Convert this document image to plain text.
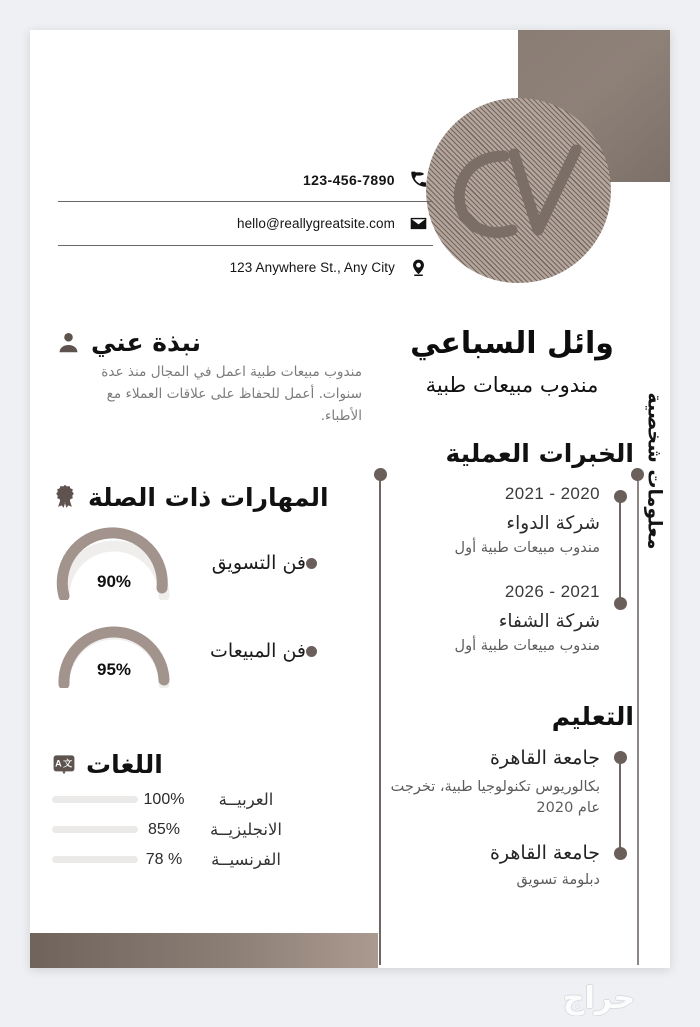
123-456-7890
hello@reallygreatsite.com
123 Anywhere St., Any City
نبذة عني
مندوب مبيعات طبية اعمل في المجال منذ عدة سنوات. أعمل للحفاظ على علاقات العملاء مع الأطباء.
المهارات ذات الصلة
فن التسويق
90%
فن المبيعات
95%
اللغات
A 文
العربيــة
100%
الانجليزيــة
85%
الفرنسيــة
78 %
وائل السباعي
مندوب مبيعات طبية
الخبرات العملية
2021 - 2020
شركة الدواء
مندوب مبيعات طبية أول
2026 - 2021
شركة الشفاء
مندوب مبيعات طبية أول
التعليم
جامعة القاهرة
بكالوريوس تكنولوجيا طبية، تخرجت عام 2020
جامعة القاهرة
دبلومة تسويق
معلومات شخصية
حراج
